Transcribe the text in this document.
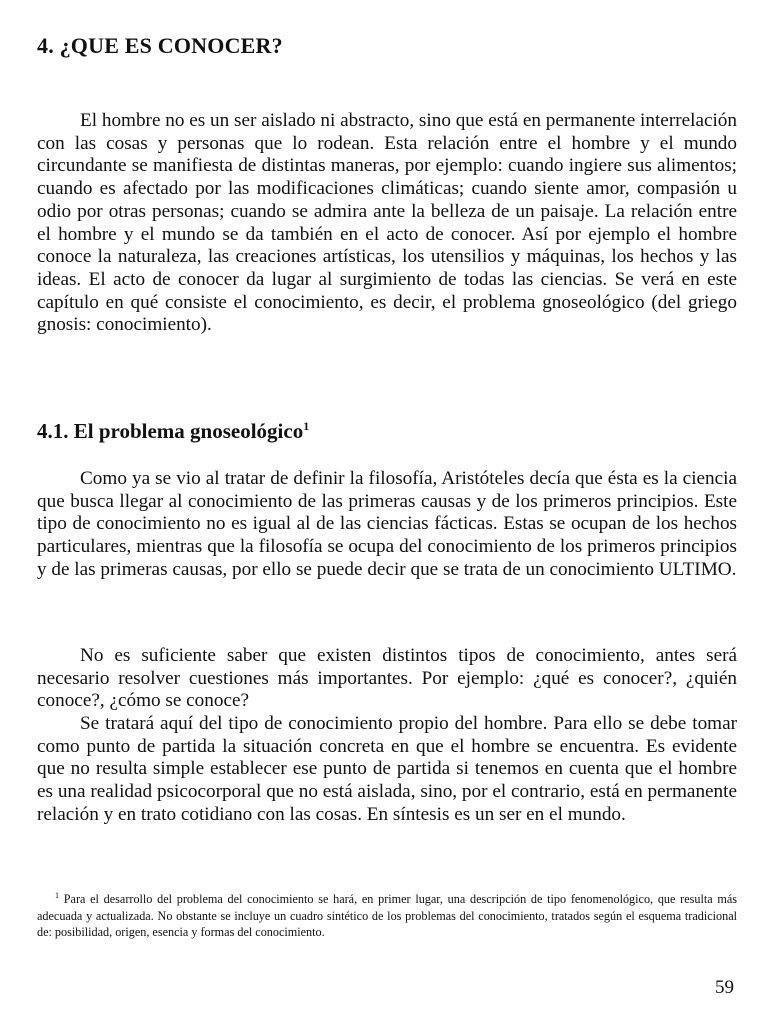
4. ¿QUE ES CONOCER?

El hombre no es un ser aislado ni abstracto, sino que está en permanente interrelación con las cosas y personas que lo rodean. Esta relación entre el hombre y el mundo circundante se manifiesta de distintas maneras, por ejemplo: cuando ingiere sus alimentos; cuando es afectado por las modificaciones climáticas; cuando siente amor, compasión u odio por otras personas; cuando se admira ante la belleza de un paisaje. La relación entre el hombre y el mundo se da también en el acto de conocer. Así por ejemplo el hombre conoce la naturaleza, las creaciones artísticas, los utensilios y máquinas, los hechos y las ideas. El acto de conocer da lugar al surgimiento de todas las ciencias. Se verá en este capítulo en qué consiste el conocimiento, es decir, el problema gnoseológico (del griego gnosis: conocimiento).

4.1. El problema gnoseológico$^1$

Como ya se vio al tratar de definir la filosofía, Aristóteles decía que ésta es la ciencia que busca llegar al conocimiento de las primeras causas y de los primeros principios. Este tipo de conocimiento no es igual al de las ciencias fácticas. Estas se ocupan de los hechos particulares, mientras que la filosofía se ocupa del conocimiento de los primeros principios y de las primeras causas, por ello se puede decir que se trata de un conocimiento ULTIMO.

No es suficiente saber que existen distintos tipos de conocimiento, antes será necesario resolver cuestiones más importantes. Por ejemplo: ¿qué es conocer?, ¿quién conoce?, ¿cómo se conoce?

Se tratará aquí del tipo de conocimiento propio del hombre. Para ello se debe tomar como punto de partida la situación concreta en que el hombre se encuentra. Es evidente que no resulta simple establecer ese punto de partida si tenemos en cuenta que el hombre es una realidad psicocorporal que no está aislada, sino, por el contrario, está en permanente relación y en trato cotidiano con las cosas. En síntesis es un ser en el mundo.

$^1$ Para el desarrollo del problema del conocimiento se hará, en primer lugar, una descripción de tipo fenomenológico, que resulta más adecuada y actualizada. No obstante se incluye un cuadro sintético de los problemas del conocimiento, tratados según el esquema tradicional de: posibilidad, origen, esencia y formas del conocimiento.

59
